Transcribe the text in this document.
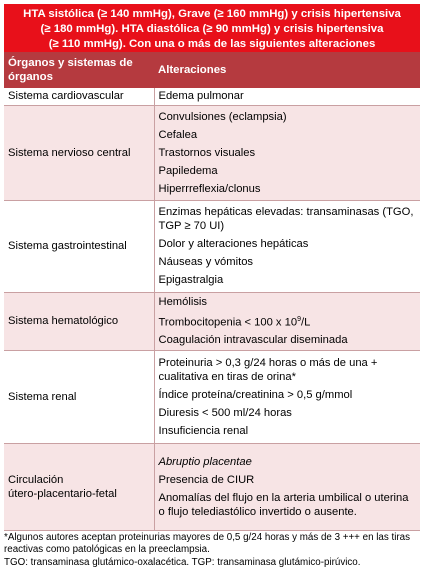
HTA sistólica (≥ 140 mmHg), Grave (≥ 160 mmHg) y crisis hipertensiva
(≥ 180 mmHg). HTA diastólica (≥ 90 mmHg) y crisis hipertensiva
(≥ 110 mmHg). Con una o más de las siguientes alteraciones
Órganos y sistemas de órganos	Alteraciones
Sistema cardiovascular	Edema pulmonar

Sistema nervioso central	Convulsiones (eclampsia)
Cefalea
Trastornos visuales
Papiledema
Hiperrreflexia/clonus

Sistema gastrointestinal	Enzimas hepáticas elevadas: transaminasas (TGO, TGP ≥ 70 UI)
Dolor y alteraciones hepáticas
Náuseas y vómitos
Epigastralgia

Sistema hematológico	Hemólisis
Trombocitopenia < 100 x $10^9/L$
Coagulación intravascular diseminada

Sistema renal	Proteinuria > 0,3 g/24 horas o más de una + cualitativa en tiras de orina*
Índice proteína/creatinina > 0,5 g/mmol
Diuresis < 500 ml/24 horas
Insuficiencia renal

Circulación
útero-placentario-fetal	Abruptio placentae
Presencia de CIUR
Anomalías del flujo en la arteria umbilical o uterina o flujo telediastólico invertido o ausente.

*Algunos autores aceptan proteinurias mayores de 0,5 g/24 horas y más de 3 +++ en las tiras reactivas como patológicas en la preeclampsia.

TGO: transaminasa glutámico-oxalacética. TGP: transaminasa glutámico-pirúvico.
